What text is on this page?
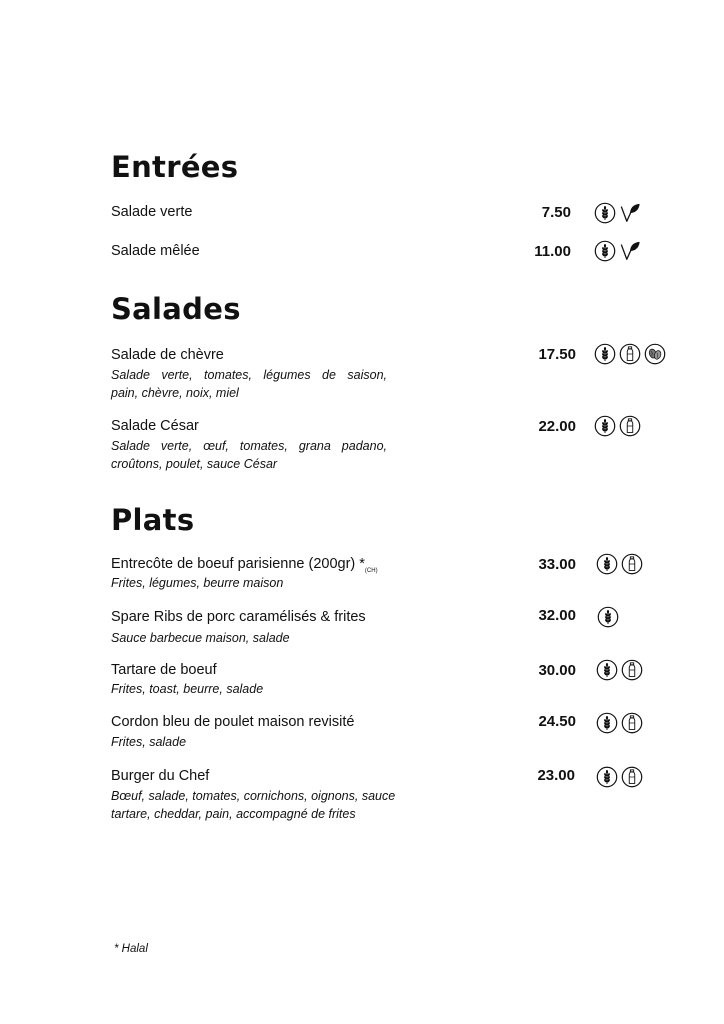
Entrées
Salade verte	7.50
Salade mêlée	11.00
Salades
Salade de chèvre
Salade verte, tomates, légumes de saison,
pain, chèvre, noix, miel
17.50
Salade César
Salade verte, œuf, tomates, grana padano,
croûtons, poulet, sauce César
22.00
Plats
Entrecôte de boeuf parisienne (200gr) $*_{(CH)}$
Frites, légumes, beurre maison
33.00
Spare Ribs de porc caramélisés & frites
Sauce barbecue maison, salade
32.00
Tartare de boeuf
Frites, toast, beurre, salade
30.00
Cordon bleu de poulet maison revisité
Frites, salade
24.50
Burger du Chef
Bœuf, salade, tomates, cornichons, oignons, sauce
tartare, cheddar, pain, accompagné de frites
23.00
* Halal
